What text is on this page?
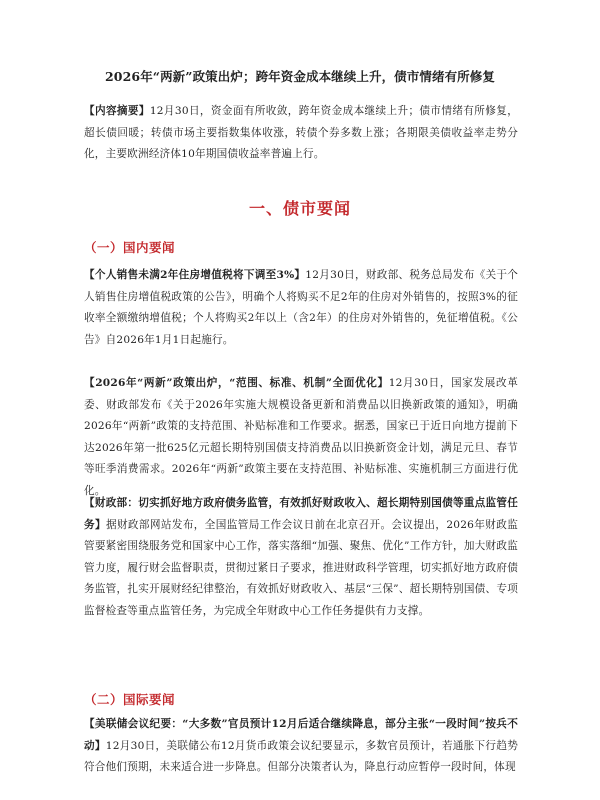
2026年“两新”政策出炉；跨年资金成本继续上升，债市情绪有所修复
【内容摘要】12月30日，资金面有所收敛，跨年资金成本继续上升；债市情绪有所修复，超长债回暖；转债市场主要指数集体收涨，转债个券多数上涨；各期限美债收益率走势分化，主要欧洲经济体10年期国债收益率普遍上行。
一、债市要闻
（一）国内要闻
【个人销售未满2年住房增值税将下调至3%】12月30日，财政部、税务总局发布《关于个人销售住房增值税政策的公告》，明确个人将购买不足2年的住房对外销售的，按照3%的征收率全额缴纳增值税；个人将购买2年以上（含2年）的住房对外销售的，免征增值税。《公告》自2026年1月1日起施行。
【2026年“两新”政策出炉，“范围、标准、机制”全面优化】12月30日，国家发展改革委、财政部发布《关于2026年实施大规模设备更新和消费品以旧换新政策的通知》，明确2026年“两新”政策的支持范围、补贴标准和工作要求。据悉，国家已于近日向地方提前下达2026年第一批625亿元超长期特别国债支持消费品以旧换新资金计划，满足元旦、春节等旺季消费需求。2026年“两新”政策主要在支持范围、补贴标准、实施机制三方面进行优化。
【财政部：切实抓好地方政府债务监管，有效抓好财政收入、超长期特别国债等重点监管任务】据财政部网站发布，全国监管局工作会议日前在北京召开。会议提出，2026年财政监管要紧密围绕服务党和国家中心工作，落实落细“加强、聚焦、优化”工作方针，加大财政监管力度，履行财会监督职责，贯彻过紧日子要求，推进财政科学管理，切实抓好地方政府债务监管，扎实开展财经纪律整治，有效抓好财政收入、基层“三保”、超长期特别国债、专项监督检查等重点监管任务，为完成全年财政中心工作任务提供有力支撑。
（二）国际要闻
【美联储会议纪要：“大多数”官员预计12月后适合继续降息，部分主张“一段时间”按兵不动】12月30日，美联储公布12月货币政策会议纪要显示，多数官员预计，若通胀下行趋势符合他们预期，未来适合进一步降息。但部分决策者认为，降息行动应暂停一段时间，体现
